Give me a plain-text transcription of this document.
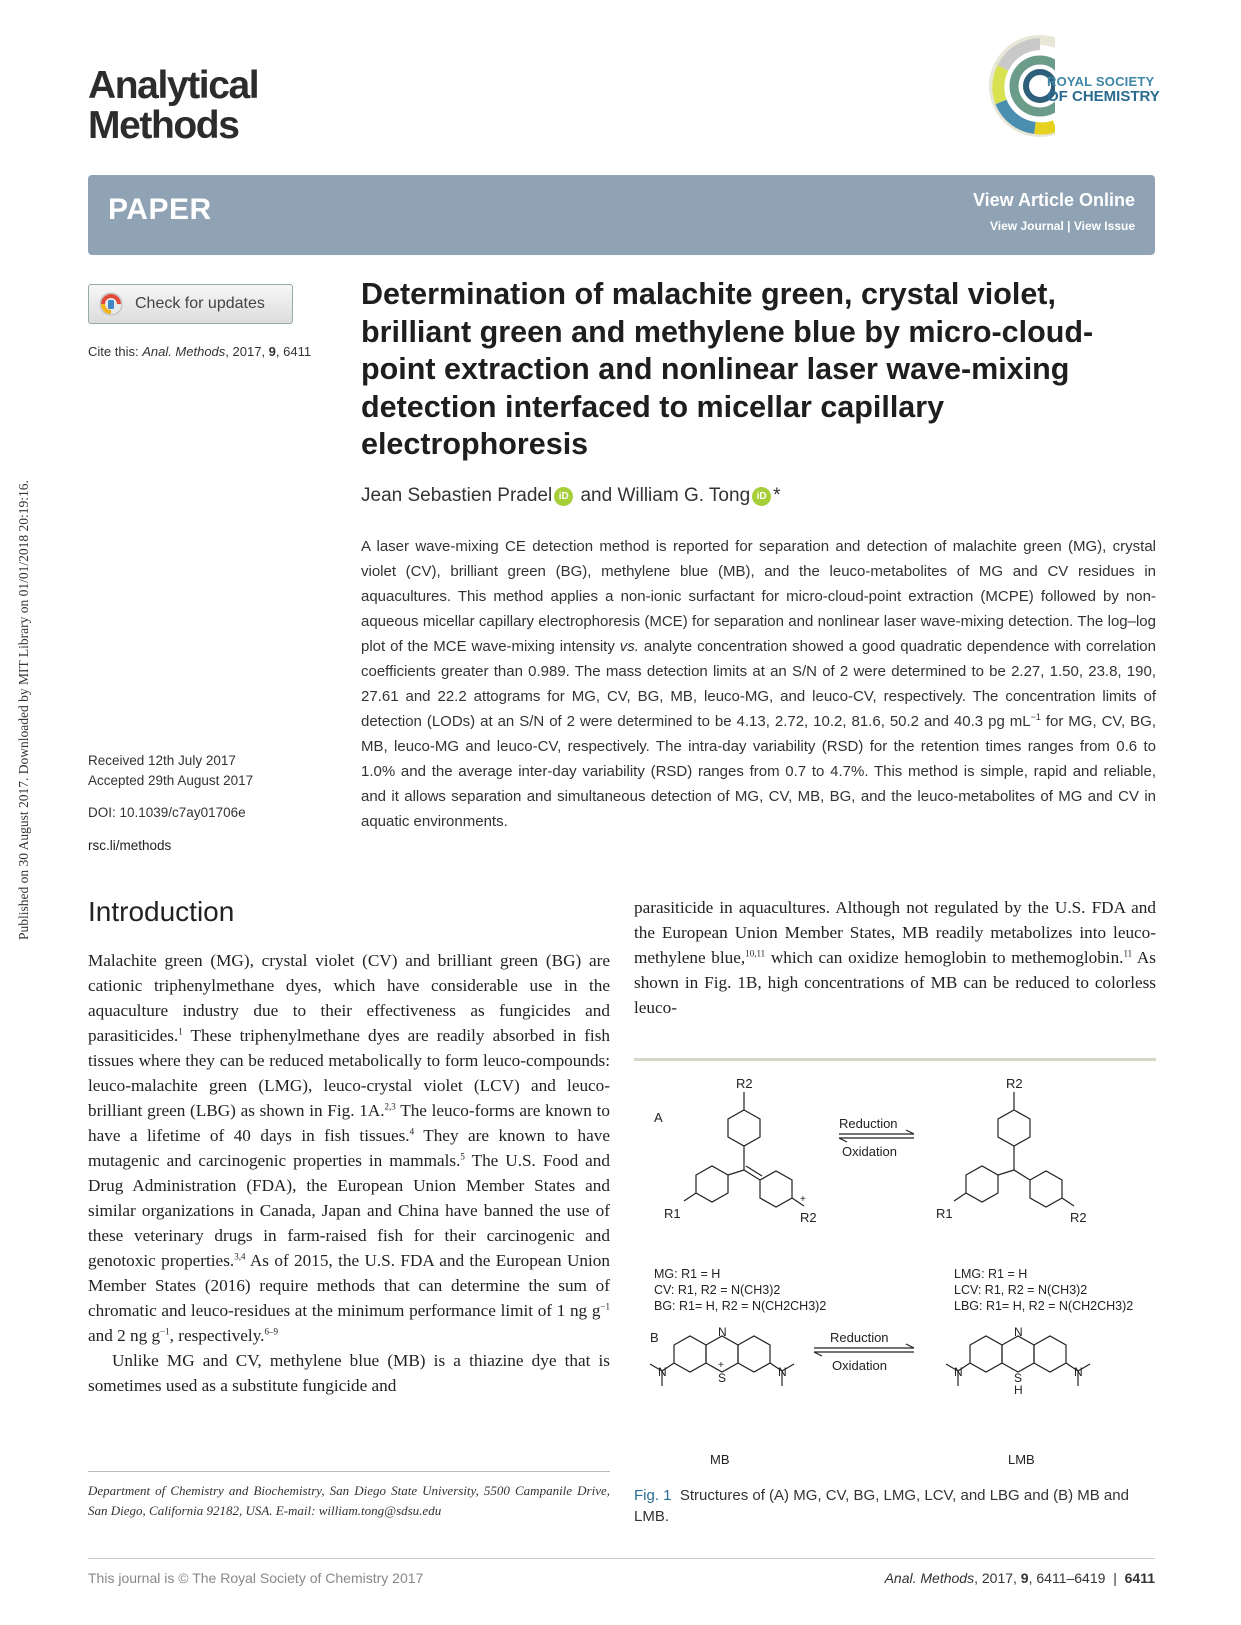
Published on 30 August 2017. Downloaded by MIT Library on 01/01/2018 20:19:16.
Analytical
Methods
ROYAL SOCIETY
OF CHEMISTRY
PAPER	View Article Online
View Journal | View Issue
Check for updates
Cite this: Anal. Methods, 2017, 9, 6411
Received 12th July 2017
Accepted 29th August 2017
DOI: 10.1039/c7ay01706e
rsc.li/methods
Determination of malachite green, crystal violet, brilliant green and methylene blue by micro-cloud-point extraction and nonlinear laser wave-mixing detection interfaced to micellar capillary electrophoresis
Jean Sebastien Pradel iD and William G. Tong iD *

A laser wave-mixing CE detection method is reported for separation and detection of malachite green (MG), crystal violet (CV), brilliant green (BG), methylene blue (MB), and the leuco-metabolites of MG and CV residues in aquacultures. This method applies a non-ionic surfactant for micro-cloud-point extraction (MCPE) followed by non-aqueous micellar capillary electrophoresis (MCE) for separation and nonlinear laser wave-mixing detection. The log–log plot of the MCE wave-mixing intensity vs. analyte concentration showed a good quadratic dependence with correlation coefficients greater than 0.989. The mass detection limits at an S/N of 2 were determined to be 2.27, 1.50, 23.8, 190, 27.61 and 22.2 attograms for MG, CV, BG, MB, leuco-MG, and leuco-CV, respectively. The concentration limits of detection (LODs) at an S/N of 2 were determined to be 4.13, 2.72, 10.2, 81.6, 50.2 and 40.3 pg $mL^{-1}$ for MG, CV, BG, MB, leuco-MG and leuco-CV, respectively. The intra-day variability (RSD) for the retention times ranges from 0.6 to 1.0% and the average inter-day variability (RSD) ranges from 0.7 to 4.7%. This method is simple, rapid and reliable, and it allows separation and simultaneous detection of MG, CV, MB, BG, and the leuco-metabolites of MG and CV in aquatic environments.

Introduction

Malachite green (MG), crystal violet (CV) and brilliant green (BG) are cationic triphenylmethane dyes, which have considerable use in the aquaculture industry due to their effectiveness as fungicides and parasiticides.$^1$ These triphenylmethane dyes are readily absorbed in fish tissues where they can be reduced metabolically to form leuco-compounds: leuco-malachite green (LMG), leuco-crystal violet (LCV) and leuco-brilliant green (LBG) as shown in Fig. 1A.$^{2,3}$ The leuco-forms are known to have a lifetime of 40 days in fish tissues.$^4$ They are known to have mutagenic and carcinogenic properties in mammals.$^5$ The U.S. Food and Drug Administration (FDA), the European Union Member States and similar organizations in Canada, Japan and China have banned the use of these veterinary drugs in farm-raised fish for their carcinogenic and genotoxic properties.$^{3,4}$ As of 2015, the U.S. FDA and the European Union Member States (2016) require methods that can determine the sum of chromatic and leuco-residues at the minimum performance limit of 1 ng $g^{-1}$ and 2 ng $g^{-1}$, respectively.$^{6-9}$

Unlike MG and CV, methylene blue (MB) is a thiazine dye that is sometimes used as a substitute fungicide and

parasiticide in aquacultures. Although not regulated by the U.S. FDA and the European Union Member States, MB readily metabolizes into leuco-methylene blue,$^{10,11}$ which can oxidize hemoglobin to methemoglobin.$^{11}$ As shown in Fig. 1B, high concentrations of MB can be reduced to colorless leuco-

A
R2
R1	R2
+
Reduction
Oxidation
R2
R1	R2
MG: R1 = H
CV: R1, R2 = N(CH3)2
BG: R1= H, R2 = N(CH2CH3)2
LMG: R1 = H
LCV: R1, R2 = N(CH3)2
LBG: R1= H, R2 = N(CH2CH3)2
B	N
S
+
N	N
Reduction
Oxidation
N
S
H
N	N
MB	LMB
Fig. 1 Structures of (A) MG, CV, BG, LMG, LCV, and LBG and (B) MB and LMB.
Department of Chemistry and Biochemistry, San Diego State University, 5500 Campanile Drive, San Diego, California 92182, USA. E-mail: william.tong@sdsu.edu
This journal is © The Royal Society of Chemistry 2017	Anal. Methods, 2017, 9, 6411–6419 | 6411
